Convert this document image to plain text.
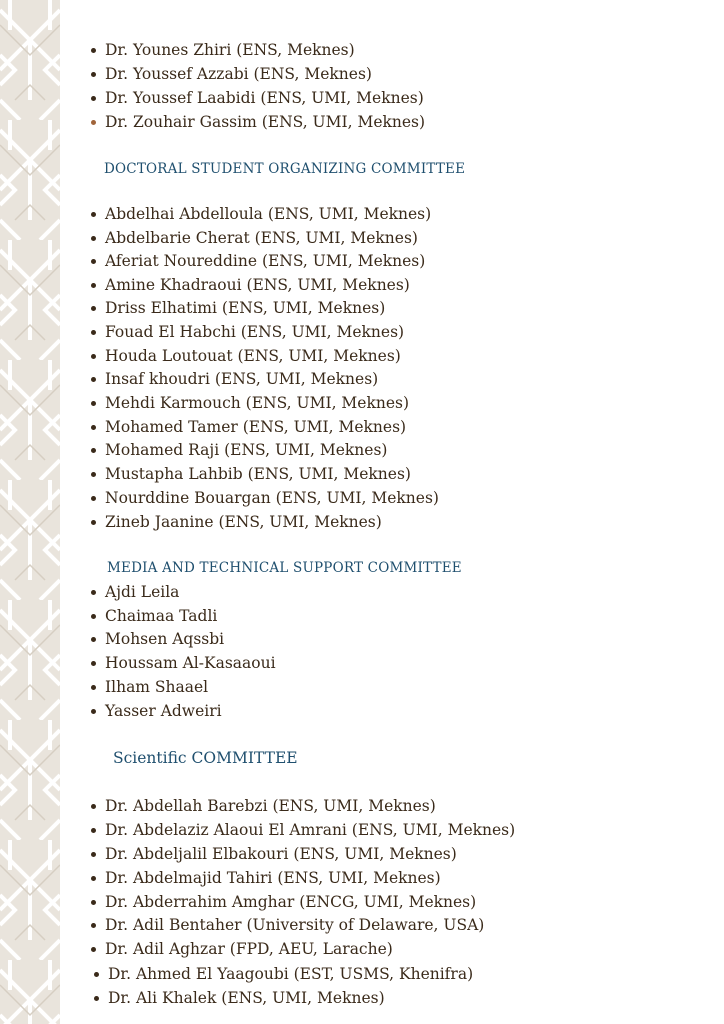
Dr. Younes Zhiri (ENS, Meknes)
Dr. Youssef Azzabi (ENS, Meknes)
Dr. Youssef Laabidi (ENS, UMI, Meknes)
Dr. Zouhair Gassim (ENS, UMI, Meknes)
DOCTORAL STUDENT ORGANIZING COMMITTEE
Abdelhai Abdelloula (ENS, UMI, Meknes)
Abdelbarie Cherat (ENS, UMI, Meknes)
Aferiat Noureddine (ENS, UMI, Meknes)
Amine Khadraoui (ENS, UMI, Meknes)
Driss Elhatimi (ENS, UMI, Meknes)
Fouad El Habchi (ENS, UMI, Meknes)
Houda Loutouat (ENS, UMI, Meknes)
Insaf khoudri (ENS, UMI, Meknes)
Mehdi Karmouch (ENS, UMI, Meknes)
Mohamed Tamer (ENS, UMI, Meknes)
Mohamed Raji (ENS, UMI, Meknes)
Mustapha Lahbib (ENS, UMI, Meknes)
Nourddine Bouargan (ENS, UMI, Meknes)
Zineb Jaanine (ENS, UMI, Meknes)
MEDIA AND TECHNICAL SUPPORT COMMITTEE
Ajdi Leila
Chaimaa Tadli
Mohsen Aqssbi
Houssam Al-Kasaaoui
Ilham Shaael
Yasser Adweiri
Scientific COMMITTEE
Dr. Abdellah Barebzi (ENS, UMI, Meknes)
Dr. Abdelaziz Alaoui El Amrani (ENS, UMI, Meknes)
Dr. Abdeljalil Elbakouri (ENS, UMI, Meknes)
Dr. Abdelmajid Tahiri (ENS, UMI, Meknes)
Dr. Abderrahim Amghar (ENCG, UMI, Meknes)
Dr. Adil Bentaher (University of Delaware, USA)
Dr. Adil Aghzar (FPD, AEU, Larache)
Dr. Ahmed El Yaagoubi (EST, USMS, Khenifra)
Dr. Ali Khalek (ENS, UMI, Meknes)
